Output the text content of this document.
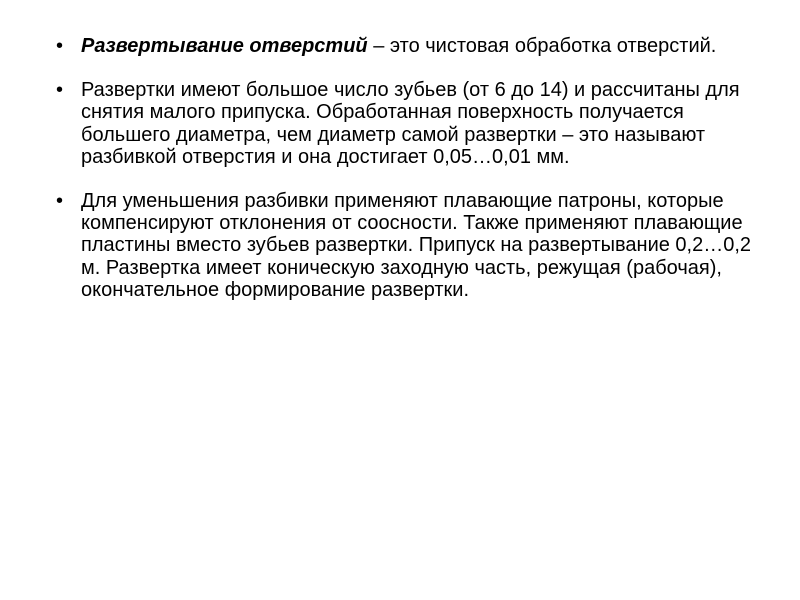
• Развертывание отверстий – это чистовая обработка отверстий.
• Развертки имеют большое число зубьев (от 6 до 14) и рассчитаны для снятия малого припуска. Обработанная поверхность получается большего диаметра, чем диаметр самой развертки – это называют разбивкой отверстия и она достигает 0,05…0,01 мм.
• Для уменьшения разбивки применяют плавающие патроны, которые компенсируют отклонения от соосности. Также применяют плавающие пластины вместо зубьев развертки. Припуск на развертывание 0,2…0,2 м. Развертка имеет коническую заходную часть, режущая (рабочая), окончательное формирование развертки.
